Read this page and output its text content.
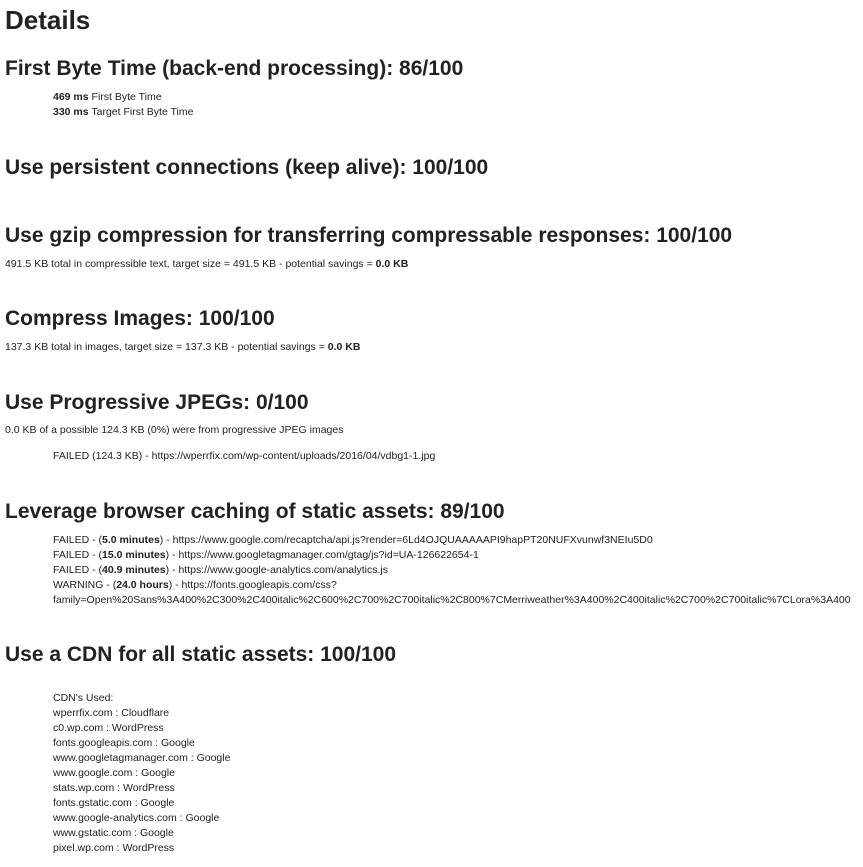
Details
First Byte Time (back-end processing): 86/100
469 ms First Byte Time
330 ms Target First Byte Time
Use persistent connections (keep alive): 100/100
Use gzip compression for transferring compressable responses: 100/100
491.5 KB total in compressible text, target size = 491.5 KB - potential savings = 0.0 KB
Compress Images: 100/100
137.3 KB total in images, target size = 137.3 KB - potential savings = 0.0 KB
Use Progressive JPEGs: 0/100
0.0 KB of a possible 124.3 KB (0%) were from progressive JPEG images
FAILED (124.3 KB) - https://wperrfix.com/wp-content/uploads/2016/04/vdbg1-1.jpg
Leverage browser caching of static assets: 89/100
FAILED - (5.0 minutes) - https://www.google.com/recaptcha/api.js?render=6Ld4OJQUAAAAAPI9hapPT20NUFXvunwf3NEIu5D0
FAILED - (15.0 minutes) - https://www.googletagmanager.com/gtag/js?id=UA-126622654-1
FAILED - (40.9 minutes) - https://www.google-analytics.com/analytics.js
WARNING - (24.0 hours) - https://fonts.googleapis.com/css?
family=Open%20Sans%3A400%2C300%2C400italic%2C600%2C700%2C700italic%2C800%7CMerriweather%3A400%2C400italic%2C700%2C700italic%7CLora%3A400
Use a CDN for all static assets: 100/100
CDN's Used:
wperrfix.com : Cloudflare
c0.wp.com : WordPress
fonts.googleapis.com : Google
www.googletagmanager.com : Google
www.google.com : Google
stats.wp.com : WordPress
fonts.gstatic.com : Google
www.google-analytics.com : Google
www.gstatic.com : Google
pixel.wp.com : WordPress
